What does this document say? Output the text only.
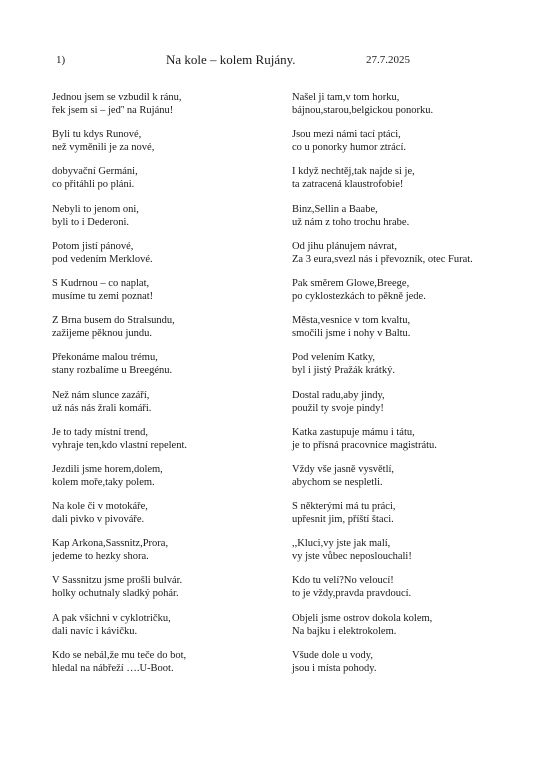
1)	Na kole – kolem Rujány.	27.7.2025
Jednou jsem se vzbudil k ránu,
řek jsem si – jeď' na Rujánu!
Byli tu kdys Runové,
než vyměnili je za nové,
dobyvační Germáni,
co přitáhli po pláni.
Nebyli to jenom oni,
byli to i Dederoni.
Potom jistí pánové,
pod vedením Merklové.
S Kudrnou – co naplat,
musíme tu zemi poznat!
Z Brna busem do Stralsundu,
zažijeme pěknou jundu.
Překonáme malou trému,
stany rozbalíme u Breegénu.
Než nám slunce zazáří,
už nás nás žrali komáři.
Je to tady místní trend,
vyhraje ten,kdo vlastní repelent.
Jezdili jsme horem,dolem,
kolem moře,taky polem.
Na kole či v motokáře,
dali pivko v pivováře.
Kap Arkona,Sassnitz,Prora,
jedeme to hezky shora.
V Sassnitzu jsme prošli bulvár.
holky ochutnaly sladký pohár.
A pak všichni v cyklotričku,
dali navíc i kávičku.
Kdo se nebál,že mu teče do bot,
hledal na nábřeží ….U-Boot.
Našel ji tam,v tom horku,
bájnou,starou,belgickou ponorku.
Jsou mezi námi tací ptáci,
co u ponorky humor ztrácí.
I když nechtěj,tak najde si je,
ta zatracená klaustrofobie!
Binz,Sellin a Baabe,
už nám z toho trochu hrabe.
Od jihu plánujem návrat,
Za 3 eura,svezl nás i převozník, otec Furat.
Pak směrem Glowe,Breege,
po cyklostezkách to pěkně jede.
Města,vesnice v tom kvaltu,
smočili jsme i nohy v Baltu.
Pod velením Katky,
byl i jistý Pražák krátký.
Dostal radu,aby jindy,
použil ty svoje pindy!
Katka zastupuje mámu i tátu,
je to přísná pracovnice magistrátu.
Vždy vše jasně vysvětlí,
abychom se nespletli.
S některými má tu práci,
upřesnit jim, příští štaci.
,,Kluci,vy jste jak malí,
vy jste vůbec neposlouchali!
Kdo tu velí?No veloucí!
to je vždy,pravda pravdoucí.
Objeli jsme ostrov dokola kolem,
Na bajku i elektrokolem.
Všude dole u vody,
jsou i místa pohody.
